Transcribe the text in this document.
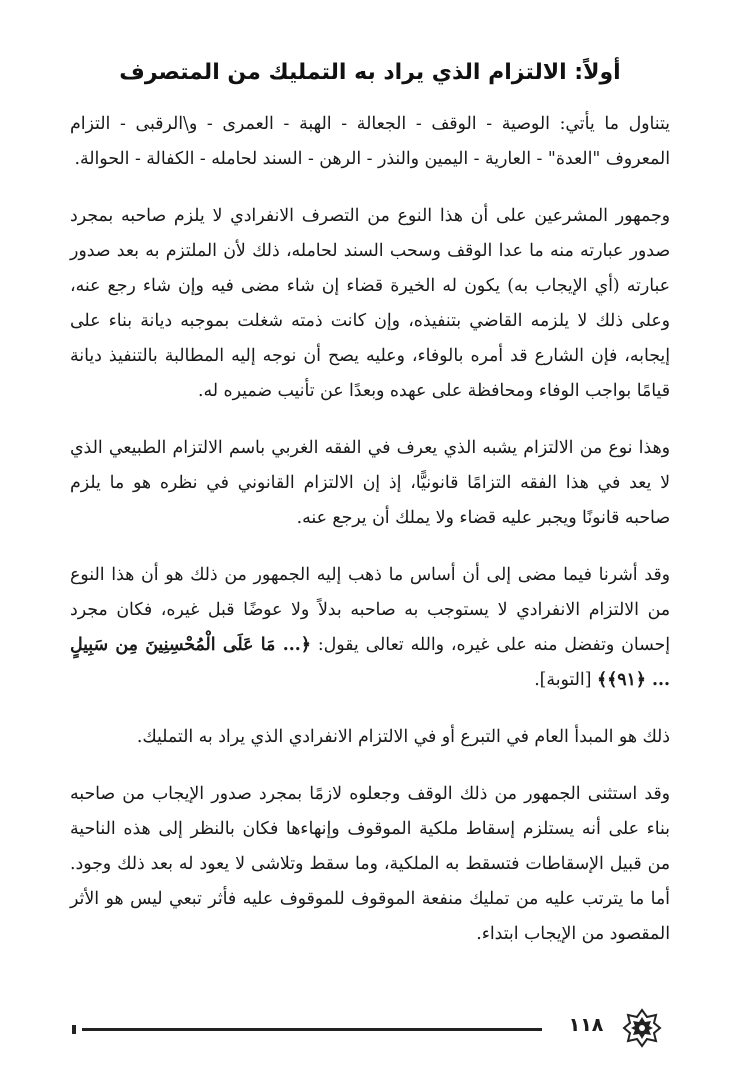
أولاً: الالتزام الذي يراد به التمليك من المتصرف

يتناول ما يأتي: الوصية - الوقف - الجعالة - الهبة - العمرى - و\الرقبى - التزام المعروف "العدة" - العارية - اليمين والنذر - الرهن - السند لحامله - الكفالة - الحوالة.

وجمهور المشرعين على أن هذا النوع من التصرف الانفرادي لا يلزم صاحبه بمجرد صدور عبارته منه ما عدا الوقف وسحب السند لحامله، ذلك لأن الملتزم به بعد صدور عبارته (أي الإيجاب به) يكون له الخيرة قضاء إن شاء مضى فيه وإن شاء رجع عنه، وعلى ذلك لا يلزمه القاضي بتنفيذه، وإن كانت ذمته شغلت بموجبه ديانة بناء على إيجابه، فإن الشارع قد أمره بالوفاء، وعليه يصح أن نوجه إليه المطالبة بالتنفيذ ديانة قيامًا بواجب الوفاء ومحافظة على عهده وبعدًا عن تأنيب ضميره له.

وهذا نوع من الالتزام يشبه الذي يعرف في الفقه الغربي باسم الالتزام الطبيعي الذي لا يعد في هذا الفقه التزامًا قانونيًّا، إذ إن الالتزام القانوني في نظره هو ما يلزم صاحبه قانونًا ويجبر عليه قضاء ولا يملك أن يرجع عنه.

وقد أشرنا فيما مضى إلى أن أساس ما ذهب إليه الجمهور من ذلك هو أن هذا النوع من الالتزام الانفرادي لا يستوجب به صاحبه بدلاً ولا عوضًا قبل غيره، فكان مجرد إحسان وتفضل منه على غيره، والله تعالى يقول: ﴿... مَا عَلَى الْمُحْسِنِينَ مِن سَبِيلٍ ... ﴿٩١﴾﴾ [التوبة].

ذلك هو المبدأ العام في التبرع أو في الالتزام الانفرادي الذي يراد به التمليك.

وقد استثنى الجمهور من ذلك الوقف وجعلوه لازمًا بمجرد صدور الإيجاب من صاحبه بناء على أنه يستلزم إسقاط ملكية الموقوف وإنهاءها فكان بالنظر إلى هذه الناحية من قبيل الإسقاطات فتسقط به الملكية، وما سقط وتلاشى لا يعود له بعد ذلك وجود. أما ما يترتب عليه من تمليك منفعة الموقوف للموقوف عليه فأثر تبعي ليس هو الأثر المقصود من الإيجاب ابتداء.

١١٨
